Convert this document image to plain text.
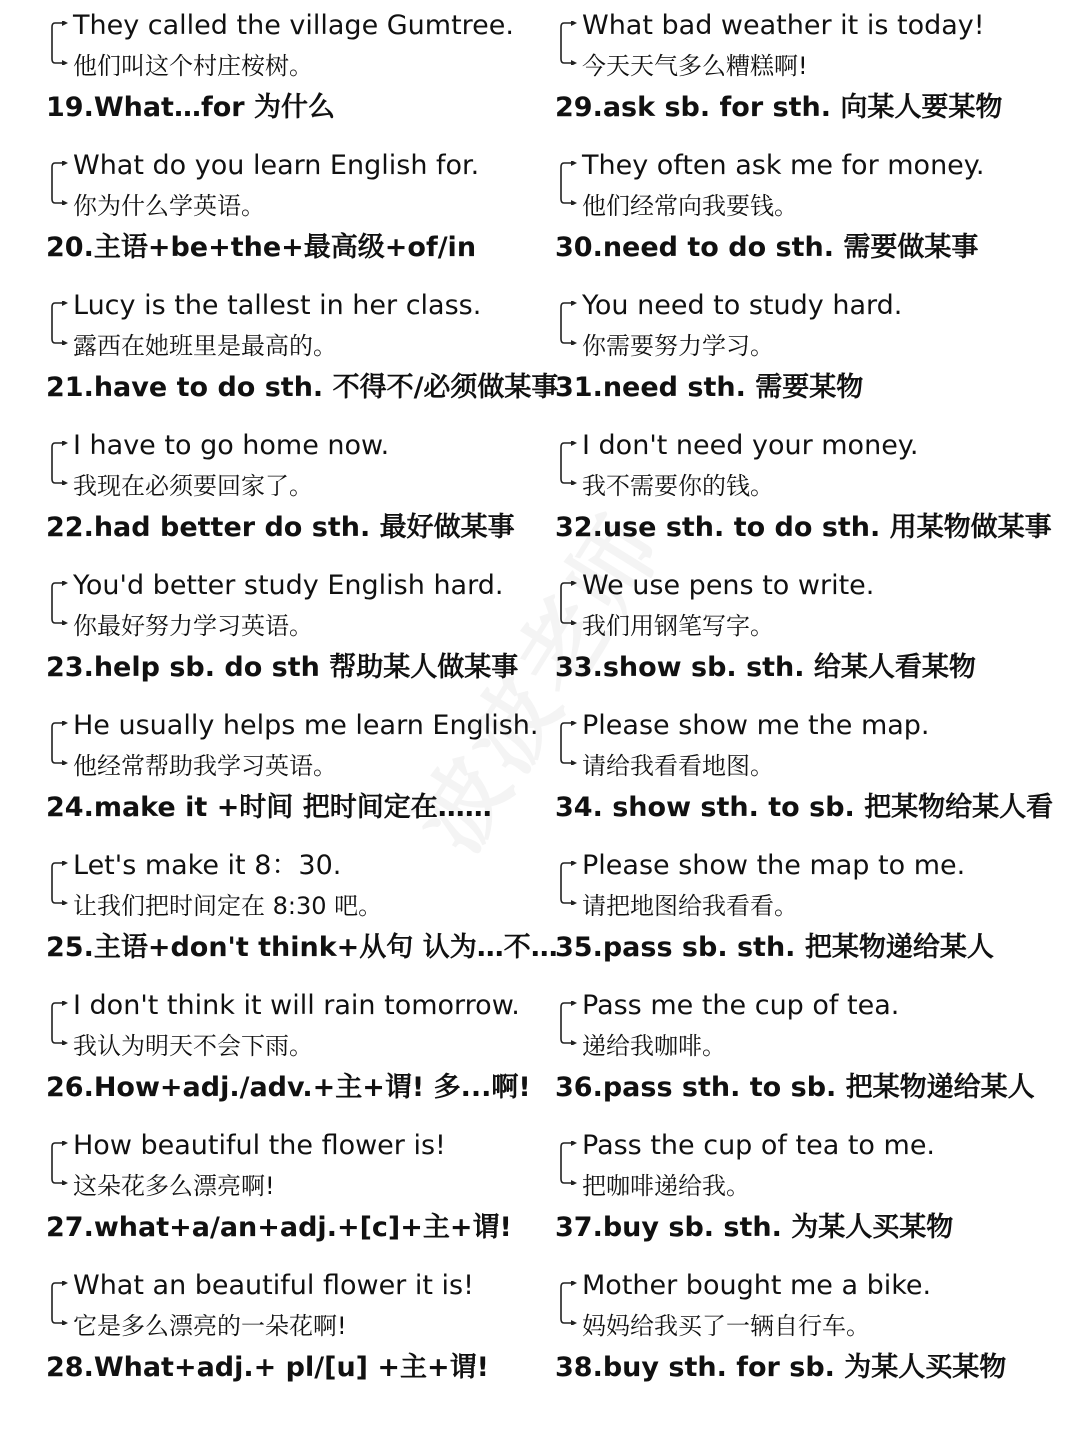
They called the village Gumtree.
他们叫这个村庄桉树。
19.What…for 为什么
What do you learn English for.
你为什么学英语。
20.主语+be+the+最高级+of/in
Lucy is the tallest in her class.
露西在她班里是最高的。
21.have to do sth. 不得不/必须做某事
I have to go home now.
我现在必须要回家了。
22.had better do sth. 最好做某事
You'd better study English hard.
你最好努力学习英语。
23.help sb. do sth 帮助某人做某事
He usually helps me learn English.
他经常帮助我学习英语。
24.make it +时间 把时间定在……
Let's make it 8：30.
让我们把时间定在 8:30 吧。
25.主语+don't think+从句 认为…不…
I don't think it will rain tomorrow.
我认为明天不会下雨。
26.How+adj./adv.+主+谓! 多...啊!
How beautiful the flower is!
这朵花多么漂亮啊!
27.what+a/an+adj.+[c]+主+谓!
What an beautiful flower it is!
它是多么漂亮的一朵花啊!
28.What+adj.+ pl/[u] +主+谓!
What bad weather it is today!
今天天气多么糟糕啊!
29.ask sb. for sth. 向某人要某物
They often ask me for money.
他们经常向我要钱。
30.need to do sth. 需要做某事
You need to study hard.
你需要努力学习。
31.need sth. 需要某物
I don't need your money.
我不需要你的钱。
32.use sth. to do sth. 用某物做某事
We use pens to write.
我们用钢笔写字。
33.show sb. sth. 给某人看某物
Please show me the map.
请给我看看地图。
34. show sth. to sb. 把某物给某人看
Please show the map to me.
请把地图给我看看。
35.pass sb. sth. 把某物递给某人
Pass me the cup of tea.
递给我咖啡。
36.pass sth. to sb. 把某物递给某人
Pass the cup of tea to me.
把咖啡递给我。
37.buy sb. sth. 为某人买某物
Mother bought me a bike.
妈妈给我买了一辆自行车。
38.buy sth. for sb. 为某人买某物
